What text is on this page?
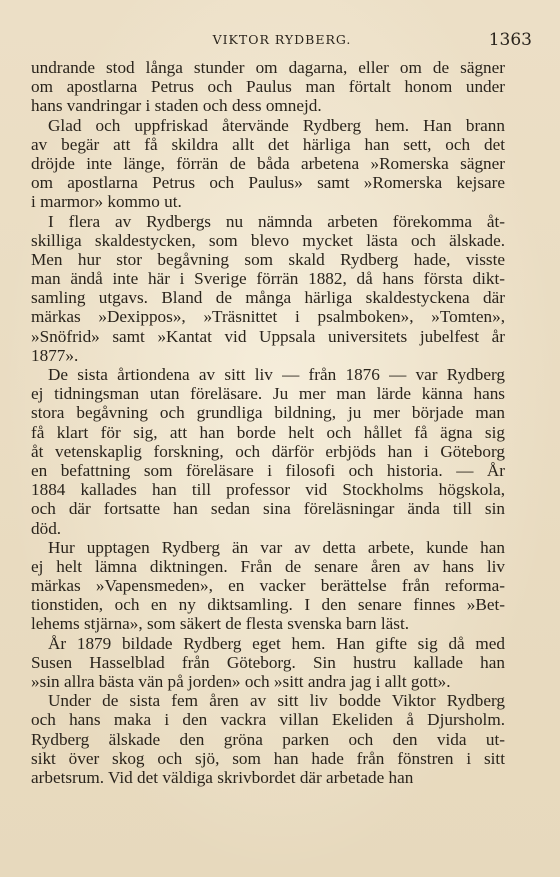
VIKTOR RYDBERG.	1363
undrande stod långa stunder om dagarna, eller om de sägner
om apostlarna Petrus och Paulus man förtalt honom under
hans vandringar i staden och dess omnejd.
Glad och uppfriskad återvände Rydberg hem. Han brann
av begär att få skildra allt det härliga han sett, och det
dröjde inte länge, förrän de båda arbetena »Romerska sägner
om apostlarna Petrus och Paulus» samt »Romerska kejsare
i marmor» kommo ut.
I flera av Rydbergs nu nämnda arbeten förekomma åt-
skilliga skaldestycken, som blevo mycket lästa och älskade.
Men hur stor begåvning som skald Rydberg hade, visste
man ändå inte här i Sverige förrän 1882, då hans första dikt-
samling utgavs. Bland de många härliga skaldestyckena där
märkas »Dexippos», »Träsnittet i psalmboken», »Tomten»,
»Snöfrid» samt »Kantat vid Uppsala universitets jubelfest år
1877».
De sista årtiondena av sitt liv — från 1876 — var Rydberg
ej tidningsman utan föreläsare. Ju mer man lärde känna hans
stora begåvning och grundliga bildning, ju mer började man
få klart för sig, att han borde helt och hållet få ägna sig
åt vetenskaplig forskning, och därför erbjöds han i Göteborg
en befattning som föreläsare i filosofi och historia. — År
1884 kallades han till professor vid Stockholms högskola,
och där fortsatte han sedan sina föreläsningar ända till sin
död.
Hur upptagen Rydberg än var av detta arbete, kunde han
ej helt lämna diktningen. Från de senare åren av hans liv
märkas »Vapensmeden», en vacker berättelse från reforma-
tionstiden, och en ny diktsamling. I den senare finnes »Bet-
lehems stjärna», som säkert de flesta svenska barn läst.
År 1879 bildade Rydberg eget hem. Han gifte sig då med
Susen Hasselblad från Göteborg. Sin hustru kallade han
»sin allra bästa vän på jorden» och »sitt andra jag i allt gott».
Under de sista fem åren av sitt liv bodde Viktor Rydberg
och hans maka i den vackra villan Ekeliden å Djursholm.
Rydberg älskade den gröna parken och den vida ut-
sikt över skog och sjö, som han hade från fönstren i sitt
arbetsrum. Vid det väldiga skrivbordet där arbetade han
